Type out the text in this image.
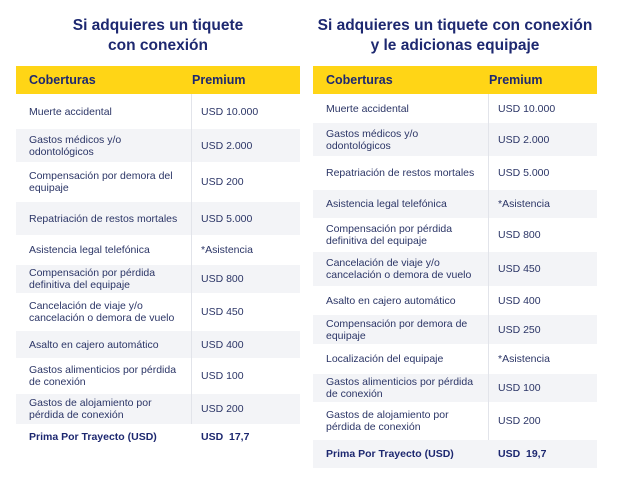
Si adquieres un tiquete
con conexión
Coberturas	Premium
Muerte accidental	USD 10.000
Gastos médicos y/o odontológicos	USD 2.000
Compensación por demora del equipaje	USD 200
Repatriación de restos mortales	USD 5.000
Asistencia legal telefónica	*Asistencia
Compensación por pérdida definitiva del equipaje	USD 800
Cancelación de viaje y/o cancelación o demora de vuelo	USD 450
Asalto en cajero automático	USD 400
Gastos alimenticios por pérdida de conexión	USD 100
Gastos de alojamiento por pérdida de conexión	USD 200
Prima Por Trayecto (USD)	USD  17,7
Si adquieres un tiquete con conexión
y le adicionas equipaje
Coberturas	Premium
Muerte accidental	USD 10.000
Gastos médicos y/o odontológicos	USD 2.000
Repatriación de restos mortales	USD 5.000
Asistencia legal telefónica	*Asistencia
Compensación por pérdida definitiva del equipaje	USD 800
Cancelación de viaje y/o cancelación o demora de vuelo	USD 450
Asalto en cajero automático	USD 400
Compensación por demora de equipaje	USD 250
Localización del equipaje	*Asistencia
Gastos alimenticios por pérdida de conexión	USD 100
Gastos de alojamiento por pérdida de conexión	USD 200
Prima Por Trayecto (USD)	USD  19,7
